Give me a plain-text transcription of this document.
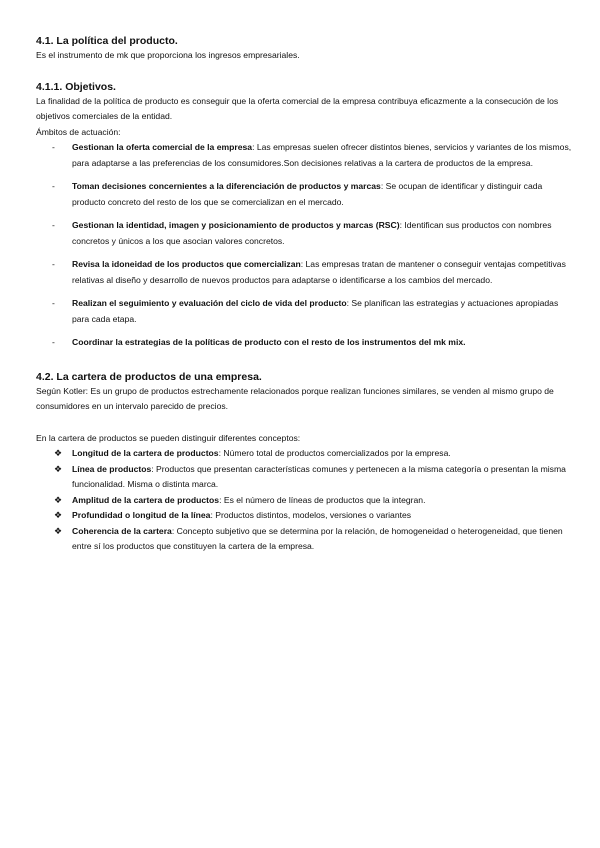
4.1. La política del producto.

Es el instrumento de mk que proporciona los ingresos empresariales.

4.1.1. Objetivos.

La finalidad de la política de producto es conseguir que la oferta comercial de la empresa contribuya eficazmente a la consecución de los objetivos comerciales de la entidad.

Ámbitos de actuación:

- Gestionan la oferta comercial de la empresa: Las empresas suelen ofrecer distintos bienes, servicios y variantes de los mismos, para adaptarse a las preferencias de los consumidores.Son decisiones relativas a la cartera de productos de la empresa.
- Toman decisiones concernientes a la diferenciación de productos y marcas: Se ocupan de identificar y distinguir cada producto concreto del resto de los que se comercializan en el mercado.
- Gestionan la identidad, imagen y posicionamiento de productos y marcas (RSC): Identifican sus productos con nombres concretos y únicos a los que asocian valores concretos.
- Revisa la idoneidad de los productos que comercializan: Las empresas tratan de mantener o conseguir ventajas competitivas relativas al diseño y desarrollo de nuevos productos para adaptarse o identificarse a los cambios del mercado.
- Realizan el seguimiento y evaluación del ciclo de vida del producto: Se planifican las estrategias y actuaciones apropiadas para cada etapa.
- Coordinar la estrategias de la políticas de producto con el resto de los instrumentos del mk mix.
4.2. La cartera de productos de una empresa.

Según Kotler: Es un grupo de productos estrechamente relacionados porque realizan funciones similares, se venden al mismo grupo de consumidores en un intervalo parecido de precios.

En la cartera de productos se pueden distinguir diferentes conceptos:

❖ Longitud de la cartera de productos: Número total de productos comercializados por la empresa.
❖ Línea de productos: Productos que presentan características comunes y pertenecen a la misma categoría o presentan la misma funcionalidad. Misma o distinta marca.
❖ Amplitud de la cartera de productos: Es el número de líneas de productos que la integran.
❖ Profundidad o longitud de la línea: Productos distintos, modelos, versiones o variantes
❖ Coherencia de la cartera: Concepto subjetivo que se determina por la relación, de homogeneidad o heterogeneidad, que tienen entre sí los productos que constituyen la cartera de la empresa.
